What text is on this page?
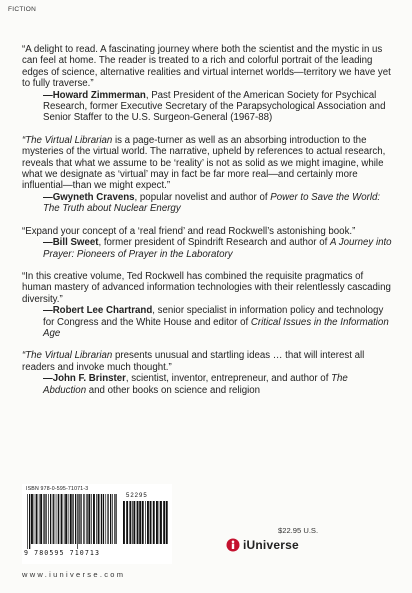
FICTION

“A delight to read. A fascinating journey where both the scientist and the mystic in us can feel at home. The reader is treated to a rich and colorful portrait of the leading edges of science, alternative realities and virtual internet worlds—territory we have yet to fully traverse.”

—Howard Zimmerman, Past President of the American Society for Psychical Research, former Executive Secretary of the Parapsychological Association and Senior Staffer to the U.S. Surgeon-General (1967-88)

“The Virtual Librarian is a page-turner as well as an absorbing introduction to the mysteries of the virtual world. The narrative, upheld by references to actual research, reveals that what we assume to be ‘reality’ is not as solid as we might imagine, while what we designate as ‘virtual’ may in fact be far more real—and certainly more influential—than we might expect.”

—Gwyneth Cravens, popular novelist and author of Power to Save the World: The Truth about Nuclear Energy

“Expand your concept of a ‘real friend’ and read Rockwell’s astonishing book.”

—Bill Sweet, former president of Spindrift Research and author of A Journey into Prayer: Pioneers of Prayer in the Laboratory

“In this creative volume, Ted Rockwell has combined the requisite pragmatics of human mastery of advanced information technologies with their relentlessly cascading diversity.”

—Robert Lee Chartrand, senior specialist in information policy and technology for Congress and the White House and editor of Critical Issues in the Information Age

“The Virtual Librarian presents unusual and startling ideas … that will interest all readers and invoke much thought.”

—John F. Brinster, scientist, inventor, entrepreneur, and author of The Abduction and other books on science and religion

ISBN 978-0-595-71071-3
52295
9 780595 710713
www.iuniverse.com
$22.95 U.S.
iUniverse
